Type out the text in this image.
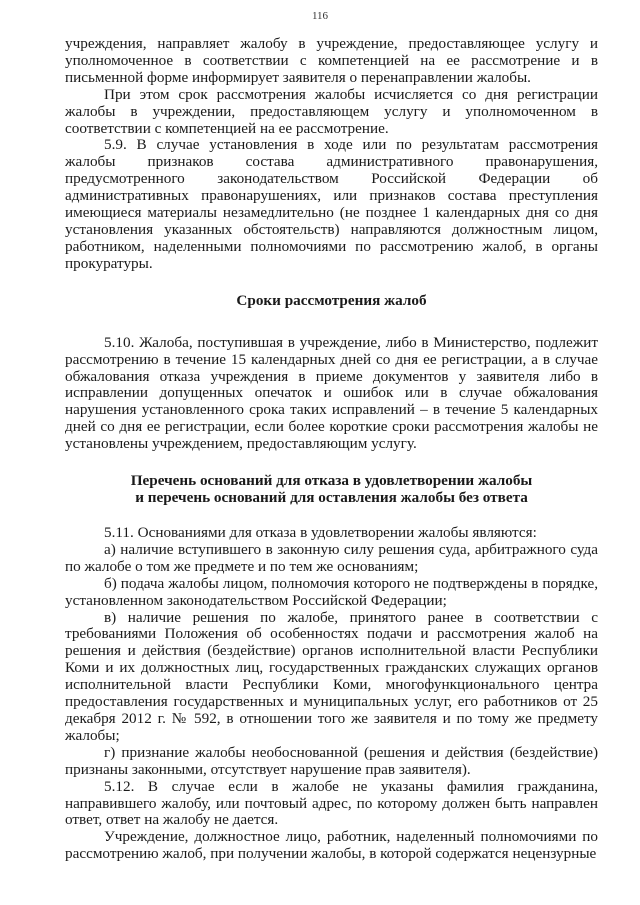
116

учреждения, направляет жалобу в учреждение, предоставляющее услугу и уполномоченное в соответствии с компетенцией на ее рассмотрение и в письменной форме информирует заявителя о перенаправлении жалобы.

При этом срок рассмотрения жалобы исчисляется со дня регистрации жалобы в учреждении, предоставляющем услугу и уполномоченном в соответствии с компетенцией на ее рассмотрение.

5.9. В случае установления в ходе или по результатам рассмотрения жалобы признаков состава административного правонарушения, предусмотренного законодательством Российской Федерации об административных правонарушениях, или признаков состава преступления имеющиеся материалы незамедлительно (не позднее 1 календарных дня со дня установления указанных обстоятельств) направляются должностным лицом, работником, наделенными полномочиями по рассмотрению жалоб, в органы прокуратуры.

Сроки рассмотрения жалоб

5.10. Жалоба, поступившая в учреждение, либо в Министерство, подлежит рассмотрению в течение 15 календарных дней со дня ее регистрации, а в случае обжалования отказа учреждения в приеме документов у заявителя либо в исправлении допущенных опечаток и ошибок или в случае обжалования нарушения установленного срока таких исправлений – в течение 5 календарных дней со дня ее регистрации, если более короткие сроки рассмотрения жалобы не установлены учреждением, предоставляющим услугу.

Перечень оснований для отказа в удовлетворении жалобы
и перечень оснований для оставления жалобы без ответа

5.11. Основаниями для отказа в удовлетворении жалобы являются:

а) наличие вступившего в законную силу решения суда, арбитражного суда по жалобе о том же предмете и по тем же основаниям;

б) подача жалобы лицом, полномочия которого не подтверждены в порядке, установленном законодательством Российской Федерации;

в) наличие решения по жалобе, принятого ранее в соответствии с требованиями Положения об особенностях подачи и рассмотрения жалоб на решения и действия (бездействие) органов исполнительной власти Республики Коми и их должностных лиц, государственных гражданских служащих органов исполнительной власти Республики Коми, многофункционального центра предоставления государственных и муниципальных услуг, его работников от 25 декабря 2012 г. № 592, в отношении того же заявителя и по тому же предмету жалобы;

г) признание жалобы необоснованной (решения и действия (бездействие) признаны законными, отсутствует нарушение прав заявителя).

5.12. В случае если в жалобе не указаны фамилия гражданина, направившего жалобу, или почтовый адрес, по которому должен быть направлен ответ, ответ на жалобу не дается.

Учреждение, должностное лицо, работник, наделенный полномочиями по рассмотрению жалоб, при получении жалобы, в которой содержатся нецензурные
